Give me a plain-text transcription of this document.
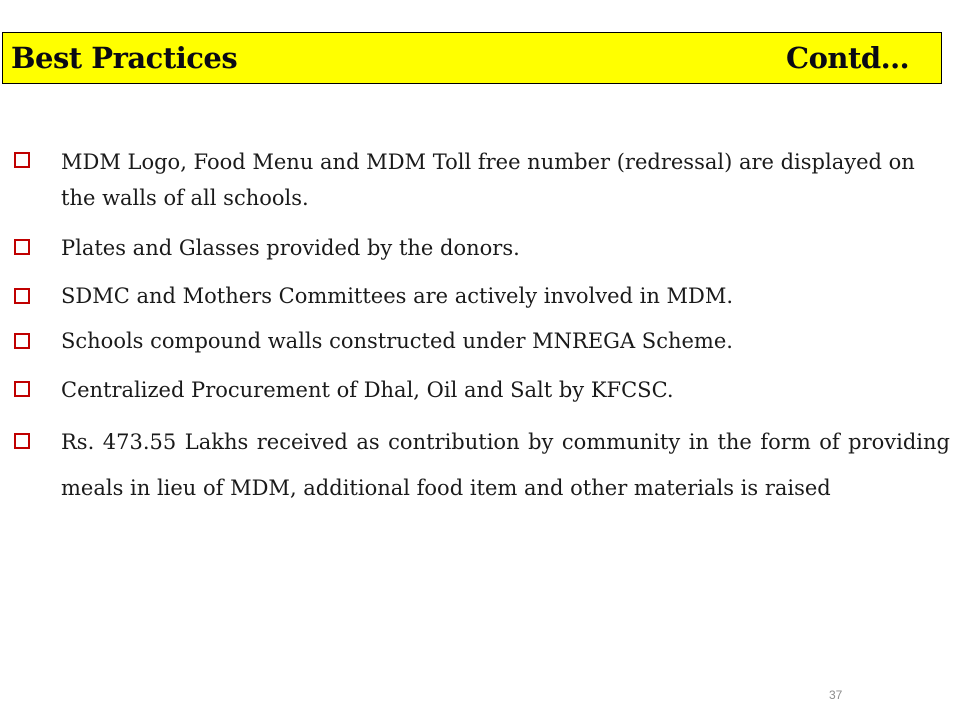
Best Practices	Contd…
MDM Logo, Food Menu and MDM Toll free number (redressal) are displayed on the walls of all schools.
Plates and Glasses provided by the donors.
SDMC and Mothers Committees are actively involved in MDM.
Schools compound walls constructed under MNREGA Scheme.
Centralized Procurement of Dhal, Oil and Salt by KFCSC.
Rs. 473.55 Lakhs received as contribution by community in the form of providing meals in lieu of MDM, additional food item and other materials is raised
37
